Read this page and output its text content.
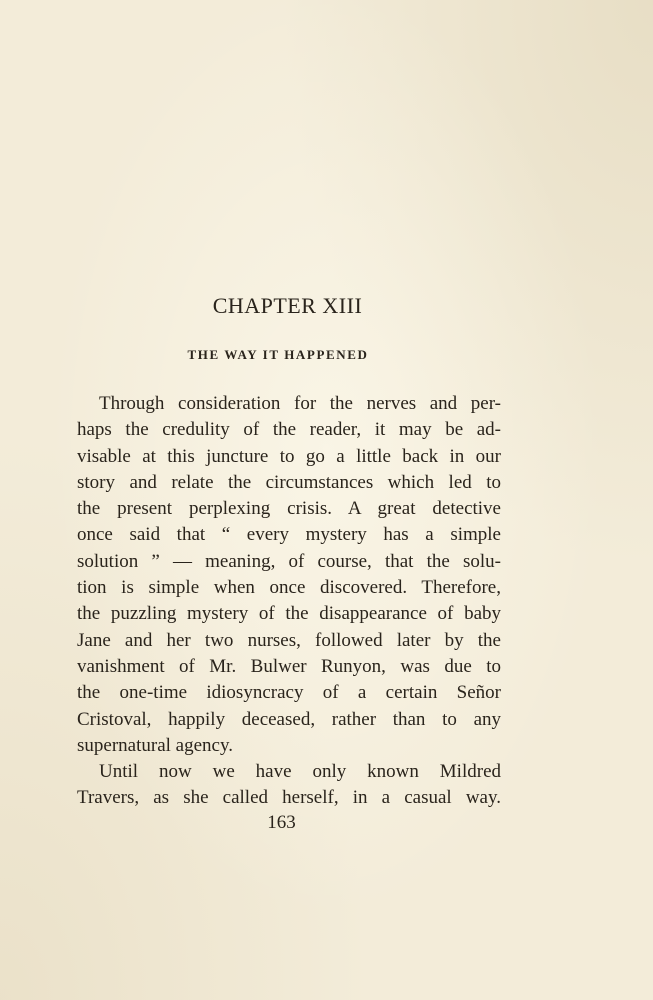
CHAPTER XIII
THE WAY IT HAPPENED
Through consideration for the nerves and per-
haps the credulity of the reader, it may be ad-
visable at this juncture to go a little back in our
story and relate the circumstances which led to
the present perplexing crisis. A great detective
once said that “ every mystery has a simple
solution ” — meaning, of course, that the solu-
tion is simple when once discovered. Therefore,
the puzzling mystery of the disappearance of baby
Jane and her two nurses, followed later by the
vanishment of Mr. Bulwer Runyon, was due to
the one-time idiosyncracy of a certain Señor
Cristoval, happily deceased, rather than to any
supernatural agency.
Until now we have only known Mildred
Travers, as she called herself, in a casual way.

163
